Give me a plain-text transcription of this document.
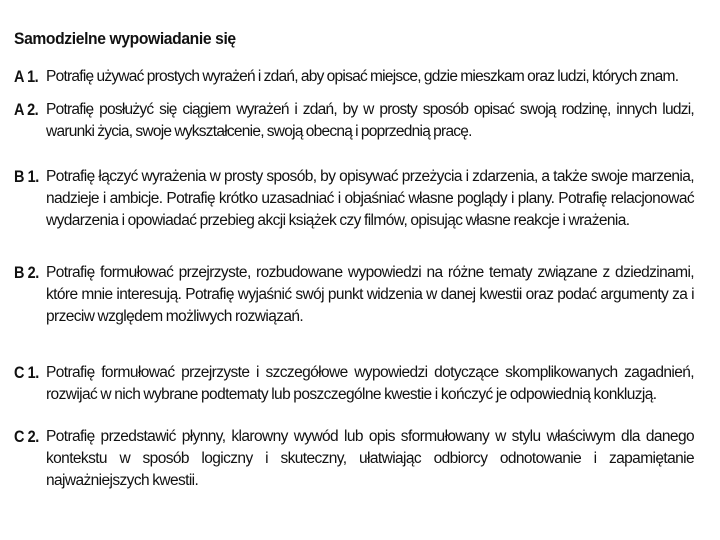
Samodzielne wypowiadanie się
A 1. Potrafię używać prostych wyrażeń i zdań, aby opisać miejsce, gdzie mieszkam oraz ludzi, których znam.
A 2. Potrafię posłużyć się ciągiem wyrażeń i zdań, by w prosty sposób opisać swoją rodzinę, innych ludzi, warunki życia, swoje wykształcenie, swoją obecną i poprzednią pracę.
B 1. Potrafię łączyć wyrażenia w prosty sposób, by opisywać przeżycia i zdarzenia, a także swoje marzenia, nadzieje i ambicje. Potrafię krótko uzasadniać i objaśniać własne poglądy i plany. Potrafię relacjonować wydarzenia i opowiadać przebieg akcji książek czy filmów, opisując własne reakcje i wrażenia.
B 2. Potrafię formułować przejrzyste, rozbudowane wypowiedzi na różne tematy związane z dziedzinami, które mnie interesują. Potrafię wyjaśnić swój punkt widzenia w danej kwestii oraz podać argumenty za i przeciw względem możliwych rozwiązań.
C 1. Potrafię formułować przejrzyste i szczegółowe wypowiedzi dotyczące skomplikowanych zagadnień, rozwijać w nich wybrane podtematy lub poszczególne kwestie i kończyć je odpowiednią konkluzją.
C 2. Potrafię przedstawić płynny, klarowny wywód lub opis sformułowany w stylu właściwym dla danego kontekstu w sposób logiczny i skuteczny, ułatwiając odbiorcy odnotowanie i zapamiętanie najważniejszych kwestii.
